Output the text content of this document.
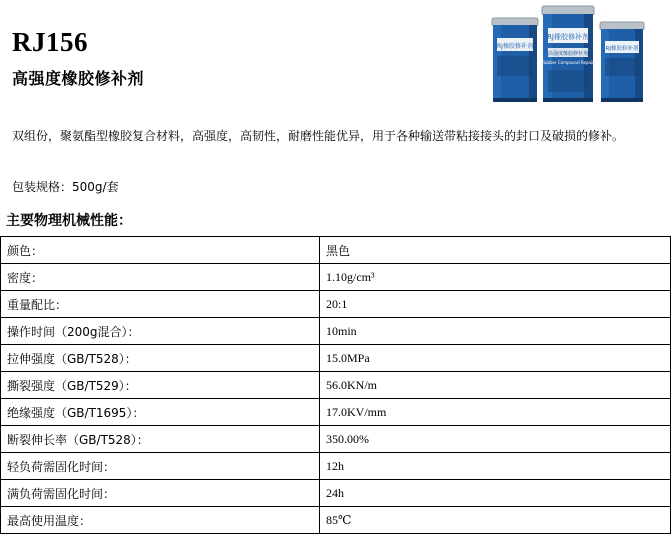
RJ156
高强度橡胶修补剂
RJ橡胶修补剂
RJ橡胶修补剂
高强度橡胶修补剂
Rubber Compound Repair
RJ橡胶修补剂
双组份，聚氨酯型橡胶复合材料，高强度，高韧性，耐磨性能优异，用于各种输送带粘接接头的封口及破损的修补。
包装规格：500g/套
主要物理机械性能：
颜色：	黑色
密度：	1.10g/cm³
重量配比：	20:1
操作时间（200g混合）：	10min
拉伸强度（GB/T528）：	15.0MPa
撕裂强度（GB/T529）：	56.0KN/m
绝缘强度（GB/T1695）：	17.0KV/mm
断裂伸长率（GB/T528）：	350.00%
轻负荷需固化时间：	12h
满负荷需固化时间：	24h
最高使用温度：	85℃
